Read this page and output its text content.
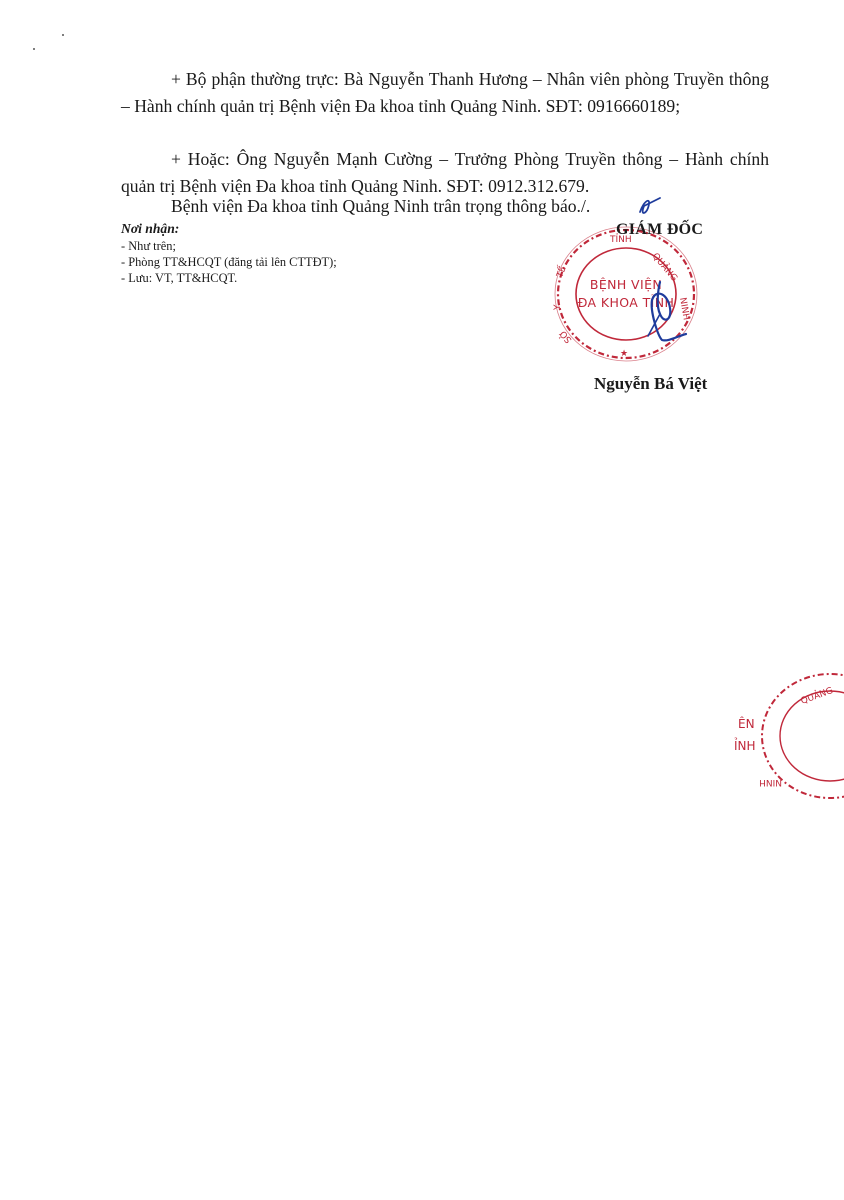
+ Bộ phận thường trực: Bà Nguyễn Thanh Hương – Nhân viên phòng Truyền thông – Hành chính quản trị Bệnh viện Đa khoa tỉnh Quảng Ninh. SĐT: 0916660189;
+ Hoặc: Ông Nguyễn Mạnh Cường – Trưởng Phòng Truyền thông – Hành chính quản trị Bệnh viện Đa khoa tỉnh Quảng Ninh. SĐT: 0912.312.679.
Bệnh viện Đa khoa tỉnh Quảng Ninh trân trọng thông báo./.
Nơi nhận:
- Như trên;
- Phòng TT&HCQT (đăng tải lên CTTĐT);
- Lưu: VT, TT&HCQT.
TỈNH
QUẢNG
NINH
TẾ
Y
SỞ
★
BỆNH VIỆN
ĐA KHOA TỈNH
GIÁM ĐỐC
Nguyễn Bá Việt
ÊN
ỈNH
QUẢNG
NINH
